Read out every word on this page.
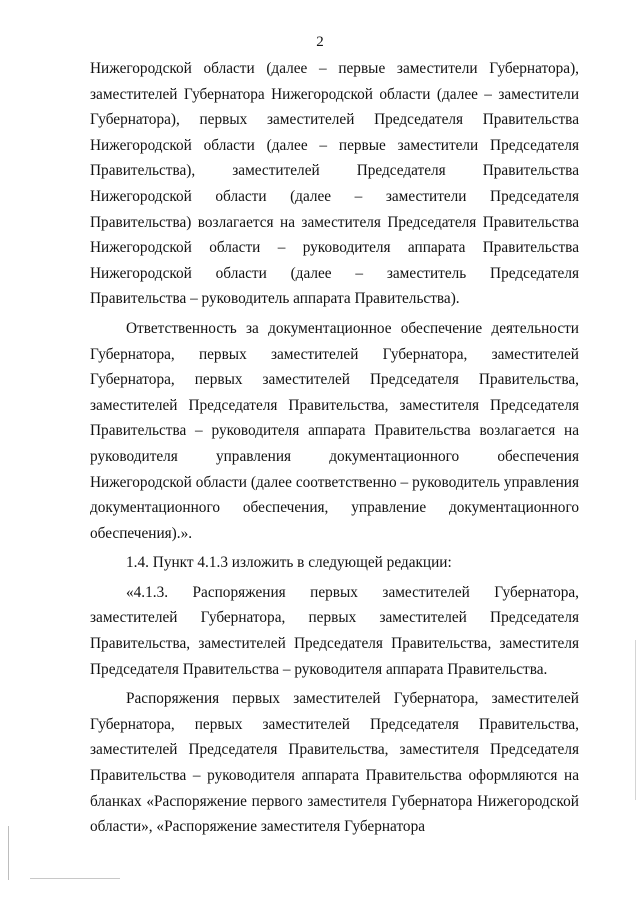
2

Нижегородской области (далее – первые заместители Губернатора), заместителей Губернатора Нижегородской области (далее – заместители Губернатора), первых заместителей Председателя Правительства Нижегородской области (далее – первые заместители Председателя Правительства), заместителей Председателя Правительства Нижегородской области (далее – заместители Председателя Правительства) возлагается на заместителя Председателя Правительства Нижегородской области – руководителя аппарата Правительства Нижегородской области (далее – заместитель Председателя Правительства – руководитель аппарата Правительства).

Ответственность за документационное обеспечение деятельности Губернатора, первых заместителей Губернатора, заместителей Губернатора, первых заместителей Председателя Правительства, заместителей Председателя Правительства, заместителя Председателя Правительства – руководителя аппарата Правительства возлагается на руководителя управления документационного обеспечения Нижегородской области (далее соответственно – руководитель управления документационного обеспечения, управление документационного обеспечения).».

1.4. Пункт 4.1.3 изложить в следующей редакции:

«4.1.3. Распоряжения первых заместителей Губернатора, заместителей Губернатора, первых заместителей Председателя Правительства, заместителей Председателя Правительства, заместителя Председателя Правительства – руководителя аппарата Правительства.

Распоряжения первых заместителей Губернатора, заместителей Губернатора, первых заместителей Председателя Правительства, заместителей Председателя Правительства, заместителя Председателя Правительства – руководителя аппарата Правительства оформляются на бланках «Распоряжение первого заместителя Губернатора Нижегородской области», «Распоряжение заместителя Губернатора
